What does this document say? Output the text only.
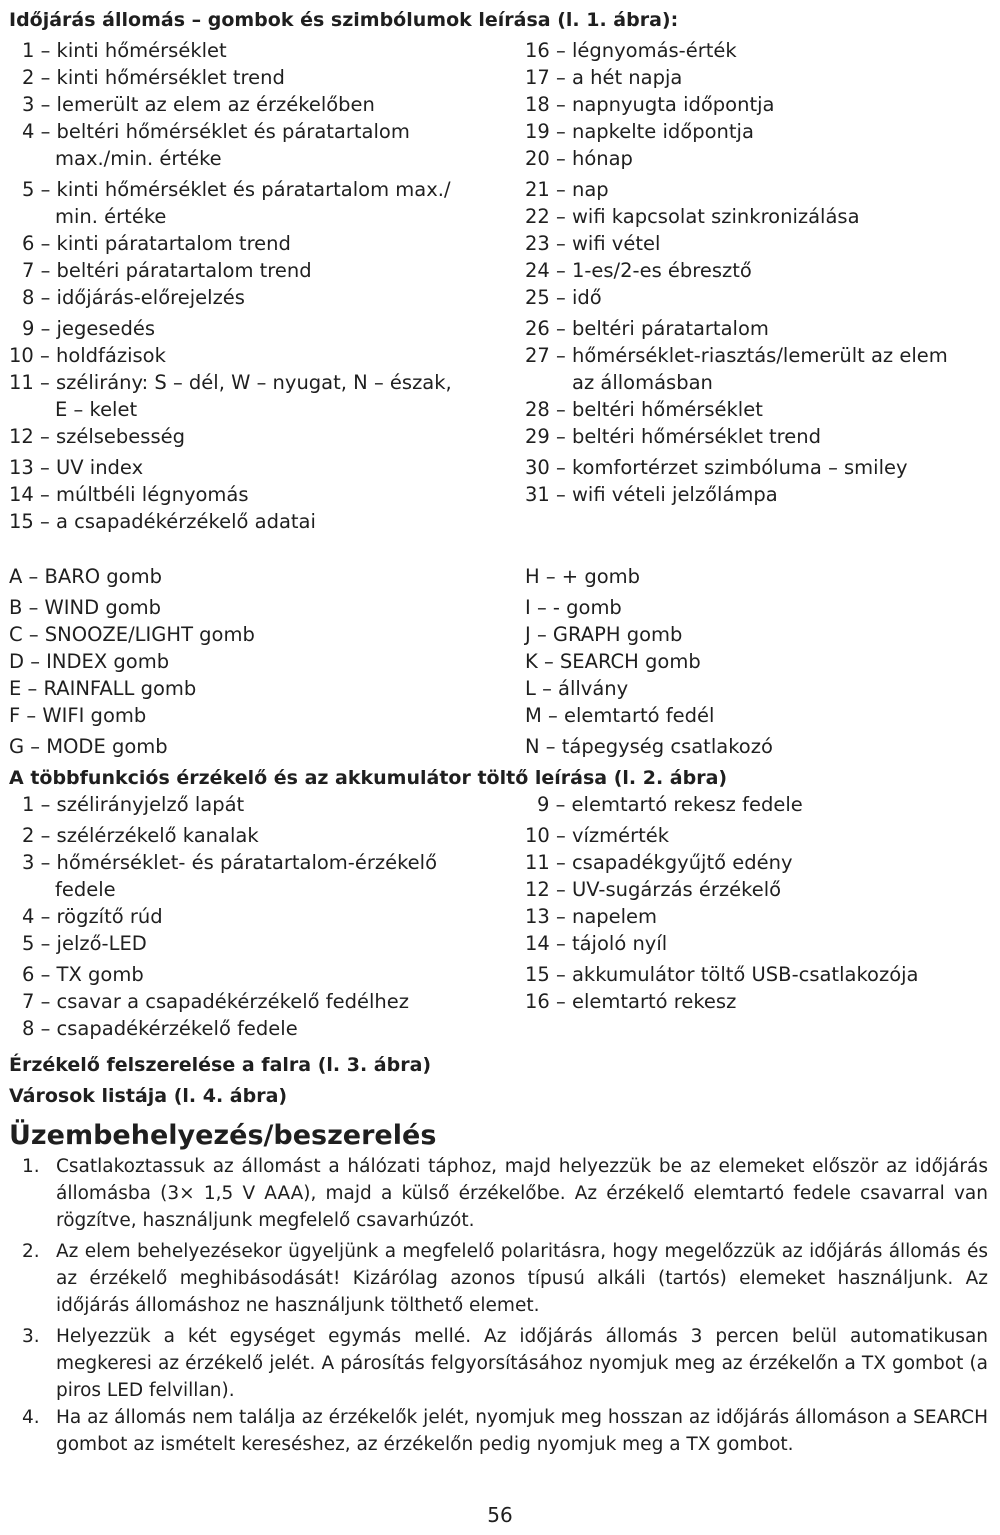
Időjárás állomás – gombok és szimbólumok leírása (l. 1. ábra):
1 – kinti hőmérséklet
2 – kinti hőmérséklet trend
3 – lemerült az elem az érzékelőben
4 – beltéri hőmérséklet és páratartalom
max./min. értéke
5 – kinti hőmérséklet és páratartalom max./
min. értéke
6 – kinti páratartalom trend
7 – beltéri páratartalom trend
8 – időjárás-előrejelzés
9 – jegesedés
10 – holdfázisok
11 – szélirány: S – dél, W – nyugat, N – észak,
E – kelet
12 – szélsebesség
13 – UV index
14 – múltbéli légnyomás
15 – a csapadékérzékelő adatai
16 – légnyomás-érték
17 – a hét napja
18 – napnyugta időpontja
19 – napkelte időpontja
20 – hónap
21 – nap
22 – wifi kapcsolat szinkronizálása
23 – wifi vétel
24 – 1-es/2-es ébresztő
25 – idő
26 – beltéri páratartalom
27 – hőmérséklet-riasztás/lemerült az elem
az állomásban
28 – beltéri hőmérséklet
29 – beltéri hőmérséklet trend
30 – komfortérzet szimbóluma – smiley
31 – wifi vételi jelzőlámpa
A – BARO gomb
B – WIND gomb
C – SNOOZE/LIGHT gomb
D – INDEX gomb
E – RAINFALL gomb
F – WIFI gomb
G – MODE gomb
H – + gomb
I – - gomb
J – GRAPH gomb
K – SEARCH gomb
L – állvány
M – elemtartó fedél
N – tápegység csatlakozó
A többfunkciós érzékelő és az akkumulátor töltő leírása (l. 2. ábra)
1 – szélirányjelző lapát
2 – szélérzékelő kanalak
3 – hőmérséklet- és páratartalom-érzékelő
fedele
4 – rögzítő rúd
5 – jelző-LED
6 – TX gomb
7 – csavar a csapadékérzékelő fedélhez
8 – csapadékérzékelő fedele
9 – elemtartó rekesz fedele
10 – vízmérték
11 – csapadékgyűjtő edény
12 – UV-sugárzás érzékelő
13 – napelem
14 – tájoló nyíl
15 – akkumulátor töltő USB-csatlakozója
16 – elemtartó rekesz
Érzékelő felszerelése a falra (l. 3. ábra)
Városok listája (l. 4. ábra)
Üzembehelyezés/beszerelés
1. Csatlakoztassuk az állomást a hálózati táphoz, majd helyezzük be az elemeket először az időjárás állomásba (3× 1,5 V AAA), majd a külső érzékelőbe. Az érzékelő elemtartó fedele csavarral van rögzítve, használjunk megfelelő csavarhúzót.
2. Az elem behelyezésekor ügyeljünk a megfelelő polaritásra, hogy megelőzzük az időjárás állomás és az érzékelő meghibásodását! Kizárólag azonos típusú alkáli (tartós) elemeket használjunk. Az időjárás állomáshoz ne használjunk tölthető elemet.
3. Helyezzük a két egységet egymás mellé. Az időjárás állomás 3 percen belül automatikusan megkeresi az érzékelő jelét. A párosítás felgyorsításához nyomjuk meg az érzékelőn a TX gombot (a piros LED felvillan).
4. Ha az állomás nem találja az érzékelők jelét, nyomjuk meg hosszan az időjárás állomáson a SEARCH gombot az ismételt kereséshez, az érzékelőn pedig nyomjuk meg a TX gombot.
56
